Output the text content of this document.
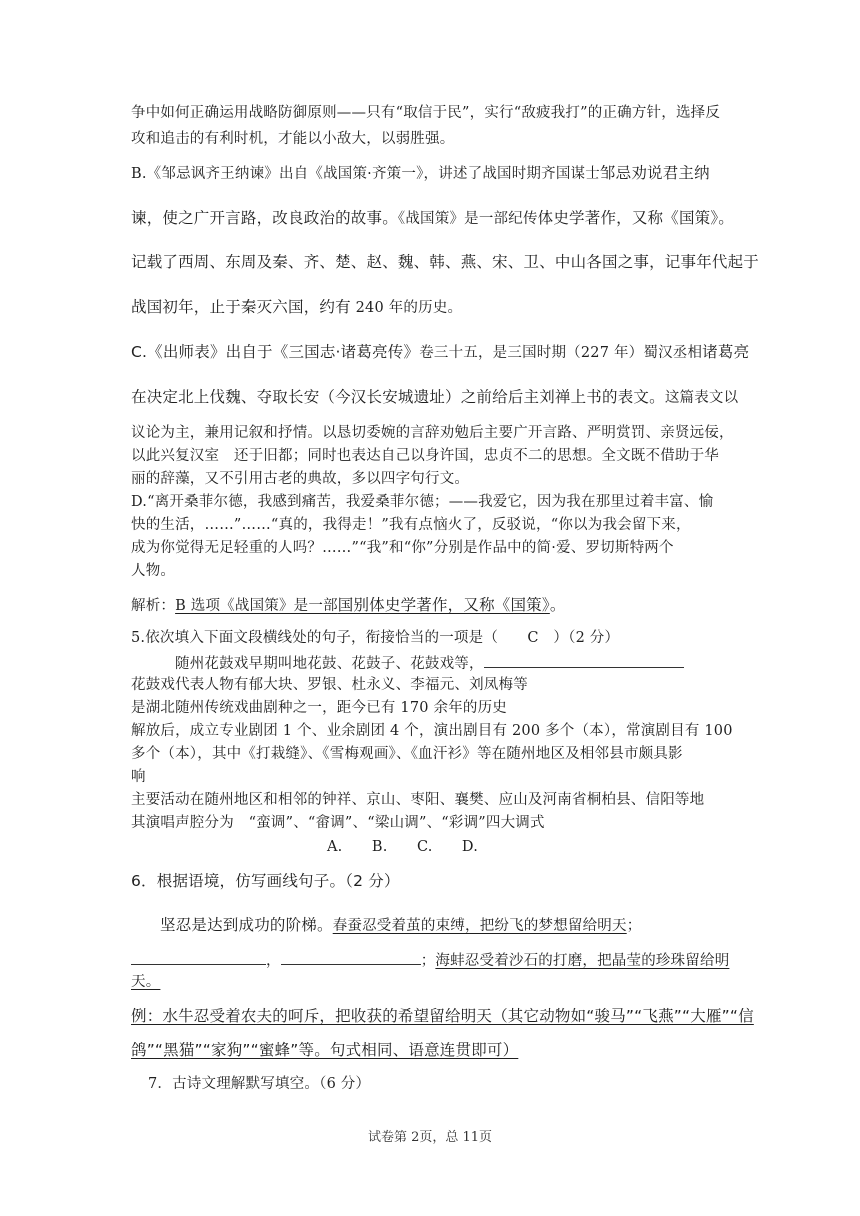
争中如何正确运用战略防御原则——只有“取信于民”，实行“敌疲我打”的正确方针，选择反
攻和追击的有利时机，才能以小敌大，以弱胜强。
B.《邹忌讽齐王纳谏》出自《战国策·齐策一》，讲述了战国时期齐国谋士邹忌劝说君主纳
谏，使之广开言路，改良政治的故事。《战国策》是一部纪传体史学著作，又称《国策》。
记载了西周、东周及秦、齐、楚、赵、魏、韩、燕、宋、卫、中山各国之事，记事年代起于
战国初年，止于秦灭六国，约有 240 年的历史。
C.《出师表》出自于《三国志·诸葛亮传》卷三十五，是三国时期（227 年）蜀汉丞相诸葛亮
在决定北上伐魏、夺取长安（今汉长安城遗址）之前给后主刘禅上书的表文。这篇表文以
议论为主，兼用记叙和抒情。以恳切委婉的言辞劝勉后主要广开言路、严明赏罚、亲贤远佞，
以此兴复汉室　还于旧都；同时也表达自己以身许国，忠贞不二的思想。全文既不借助于华
丽的辞藻，又不引用古老的典故，多以四字句行文。
D.“离开桑菲尔德，我感到痛苦，我爱桑菲尔德；——我爱它，因为我在那里过着丰富、愉
快的生活，……”……“真的，我得走！”我有点恼火了，反驳说，“你以为我会留下来，
成为你觉得无足轻重的人吗？……”“我”和“你”分别是作品中的简·爱、罗切斯特两个
人物。
解析：B 选项《战国策》是一部国别体史学著作，又称《国策》。
5.依次填入下面文段横线处的句子，衔接恰当的一项是（　　C　）（2 分）
随州花鼓戏早期叫地花鼓、花鼓子、花鼓戏等，
花鼓戏代表人物有郁大块、罗银、杜永义、李福元、刘凤梅等
是湖北随州传统戏曲剧种之一，距今已有 170 余年的历史
解放后，成立专业剧团 1 个、业余剧团 4 个，演出剧目有 200 多个（本），常演剧目有 100
多个（本），其中《打栽缝》、《雪梅观画》、《血汗衫》等在随州地区及相邻县市颇具影
响
主要活动在随州地区和相邻的钟祥、京山、枣阳、襄樊、应山及河南省桐柏县、信阳等地
其演唱声腔分为　“蛮调”、“畲调”、“梁山调”、“彩调”四大调式
A.　　B.　　C.　　D.
6．根据语境，仿写画线句子。（2 分）
坚忍是达到成功的阶梯。春蚕忍受着茧的束缚，把纷飞的梦想留给明天；
，	；海蚌忍受着沙石的打磨，把晶莹的珍珠留给明
天。
例：水牛忍受着农夫的呵斥，把收获的希望留给明天（其它动物如“骏马”“飞燕”“大雁”“信
鸽”“黑猫”“家狗”“蜜蜂”等。句式相同、语意连贯即可）
7．古诗文理解默写填空。（6 分）
试卷第 2页，总 11页
